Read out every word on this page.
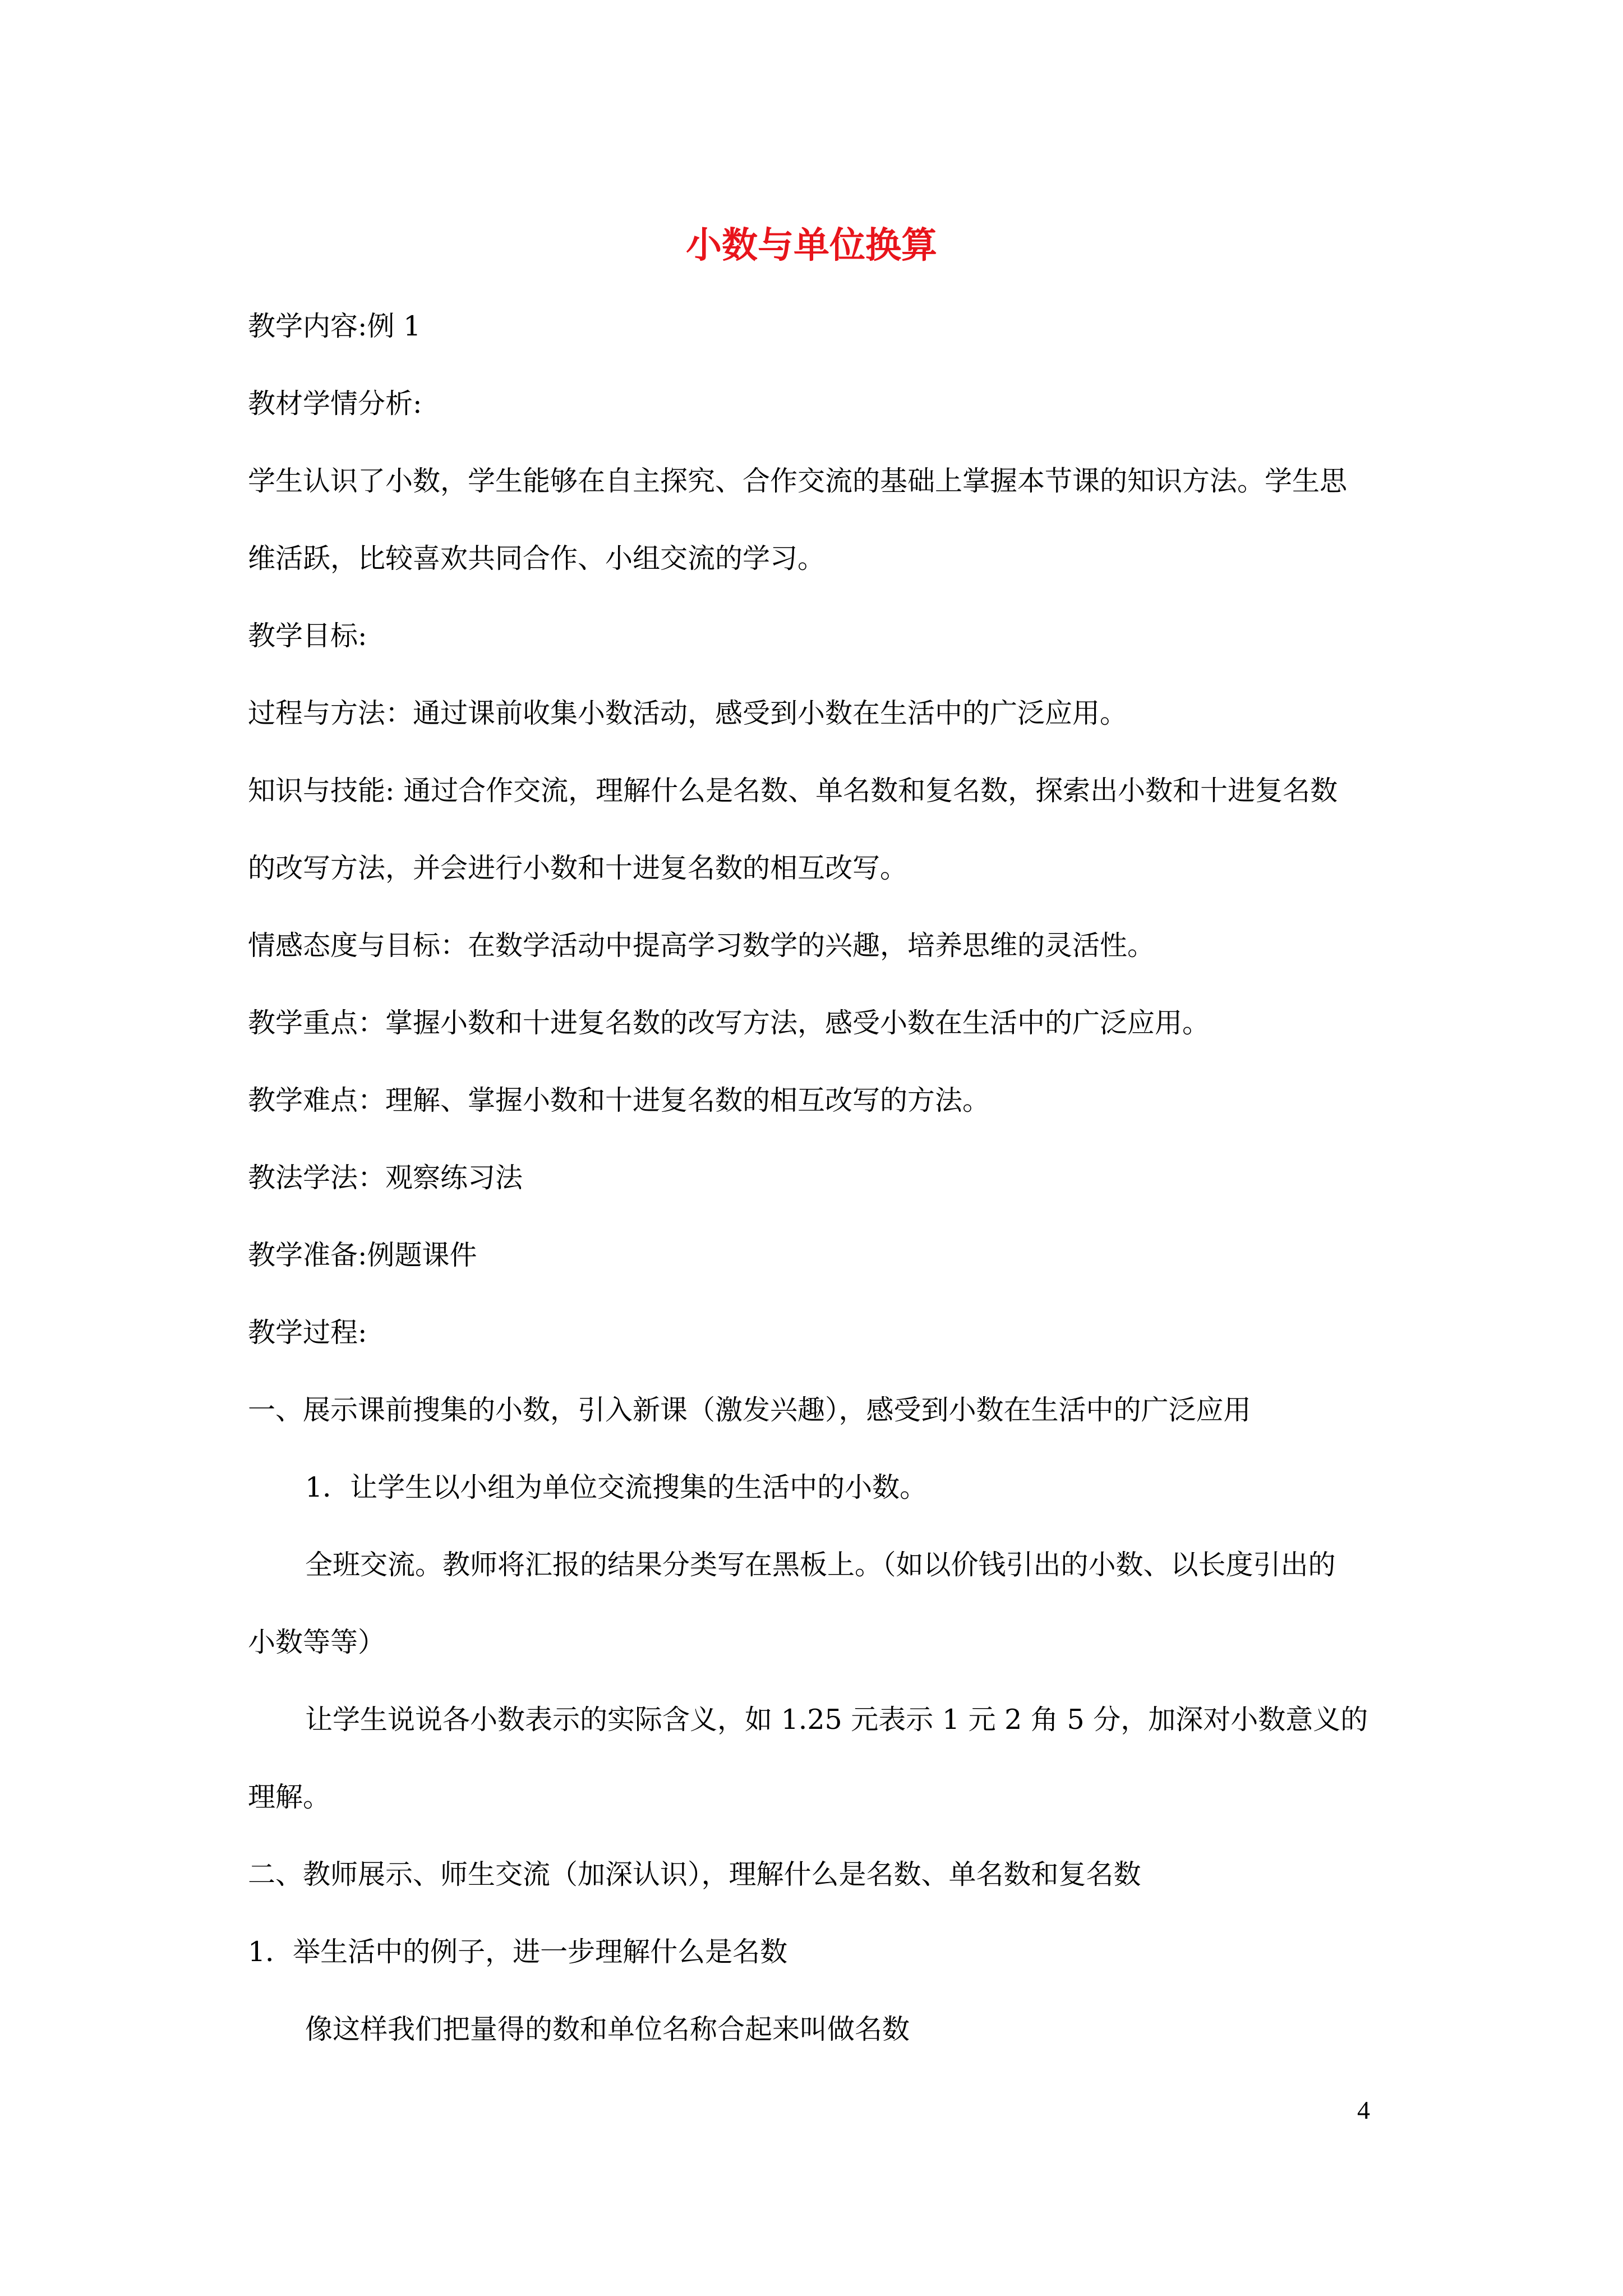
小数与单位换算
教学内容:例 1
教材学情分析:
学生认识了小数，学生能够在自主探究、合作交流的基础上掌握本节课的知识方法。学生思
维活跃，比较喜欢共同合作、小组交流的学习。
教学目标:
过程与方法：通过课前收集小数活动，感受到小数在生活中的广泛应用。
知识与技能: 通过合作交流，理解什么是名数、单名数和复名数，探索出小数和十进复名数
的改写方法，并会进行小数和十进复名数的相互改写。
情感态度与目标：在数学活动中提高学习数学的兴趣，培养思维的灵活性。
教学重点：掌握小数和十进复名数的改写方法，感受小数在生活中的广泛应用。
教学难点：理解、掌握小数和十进复名数的相互改写的方法。
教法学法：观察练习法
教学准备:例题课件
教学过程:
一、展示课前搜集的小数，引入新课（激发兴趣），感受到小数在生活中的广泛应用
1．让学生以小组为单位交流搜集的生活中的小数。
全班交流。教师将汇报的结果分类写在黑板上。（如以价钱引出的小数、以长度引出的
小数等等）
让学生说说各小数表示的实际含义，如 1.25 元表示 1 元 2 角 5 分，加深对小数意义的
理解。
二、教师展示、师生交流（加深认识），理解什么是名数、单名数和复名数
1．举生活中的例子，进一步理解什么是名数
像这样我们把量得的数和单位名称合起来叫做名数
4
